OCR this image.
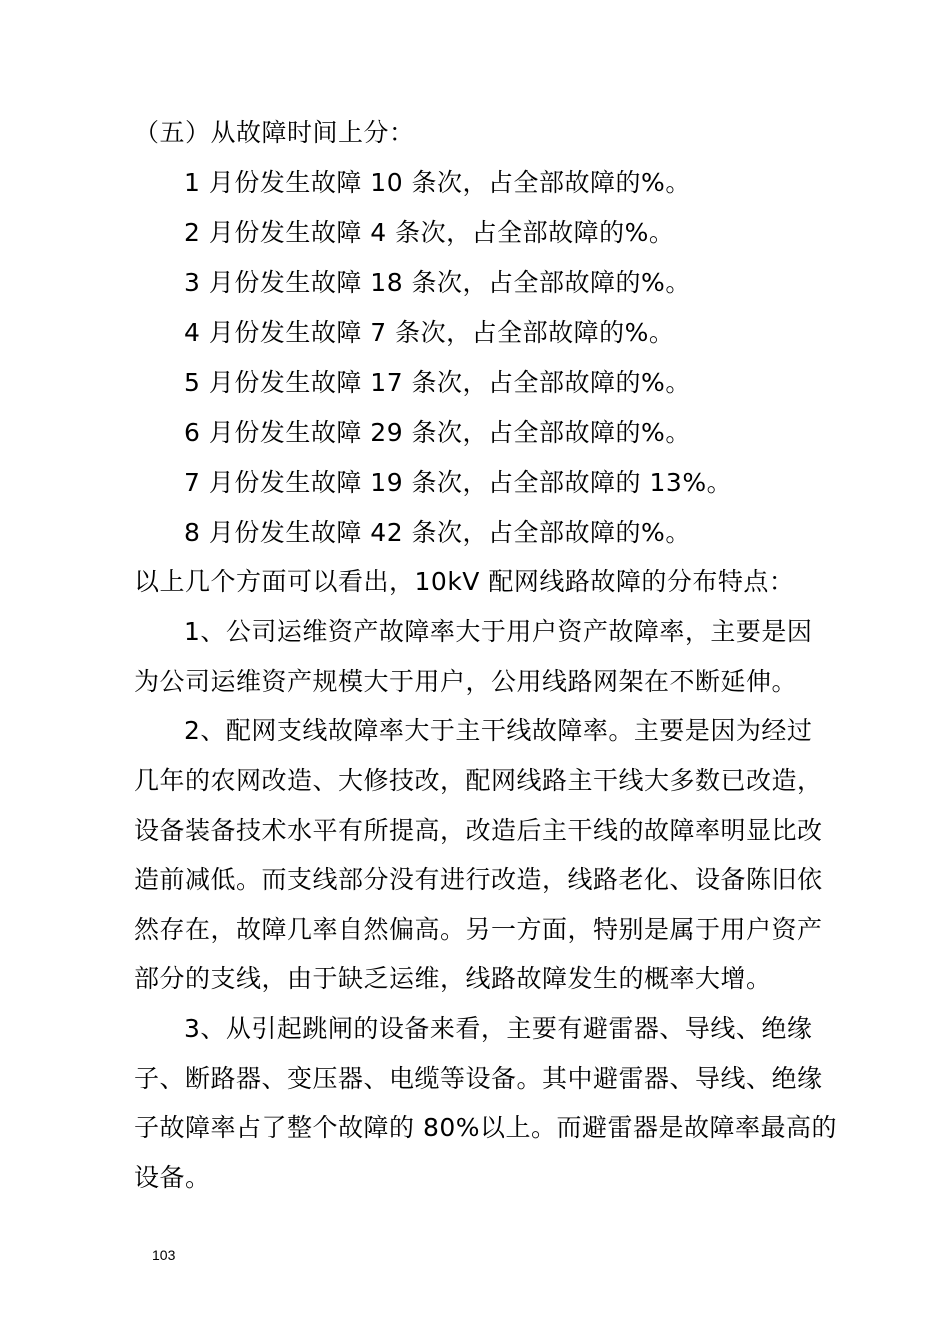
（五）从故障时间上分：
1 月份发生故障 10 条次，占全部故障的%。
2 月份发生故障 4 条次，占全部故障的%。
3 月份发生故障 18 条次，占全部故障的%。
4 月份发生故障 7 条次，占全部故障的%。
5 月份发生故障 17 条次，占全部故障的%。
6 月份发生故障 29 条次，占全部故障的%。
7 月份发生故障 19 条次，占全部故障的 13%。
8 月份发生故障 42 条次，占全部故障的%。
以上几个方面可以看出，10kV 配网线路故障的分布特点：
1、公司运维资产故障率大于用户资产故障率，主要是因
为公司运维资产规模大于用户，公用线路网架在不断延伸。
2、配网支线故障率大于主干线故障率。主要是因为经过
几年的农网改造、大修技改，配网线路主干线大多数已改造，
设备装备技术水平有所提高，改造后主干线的故障率明显比改
造前减低。而支线部分没有进行改造，线路老化、设备陈旧依
然存在，故障几率自然偏高。另一方面，特别是属于用户资产
部分的支线，由于缺乏运维，线路故障发生的概率大增。
3、从引起跳闸的设备来看，主要有避雷器、导线、绝缘
子、断路器、变压器、电缆等设备。其中避雷器、导线、绝缘
子故障率占了整个故障的 80%以上。而避雷器是故障率最高的
设备。
103
